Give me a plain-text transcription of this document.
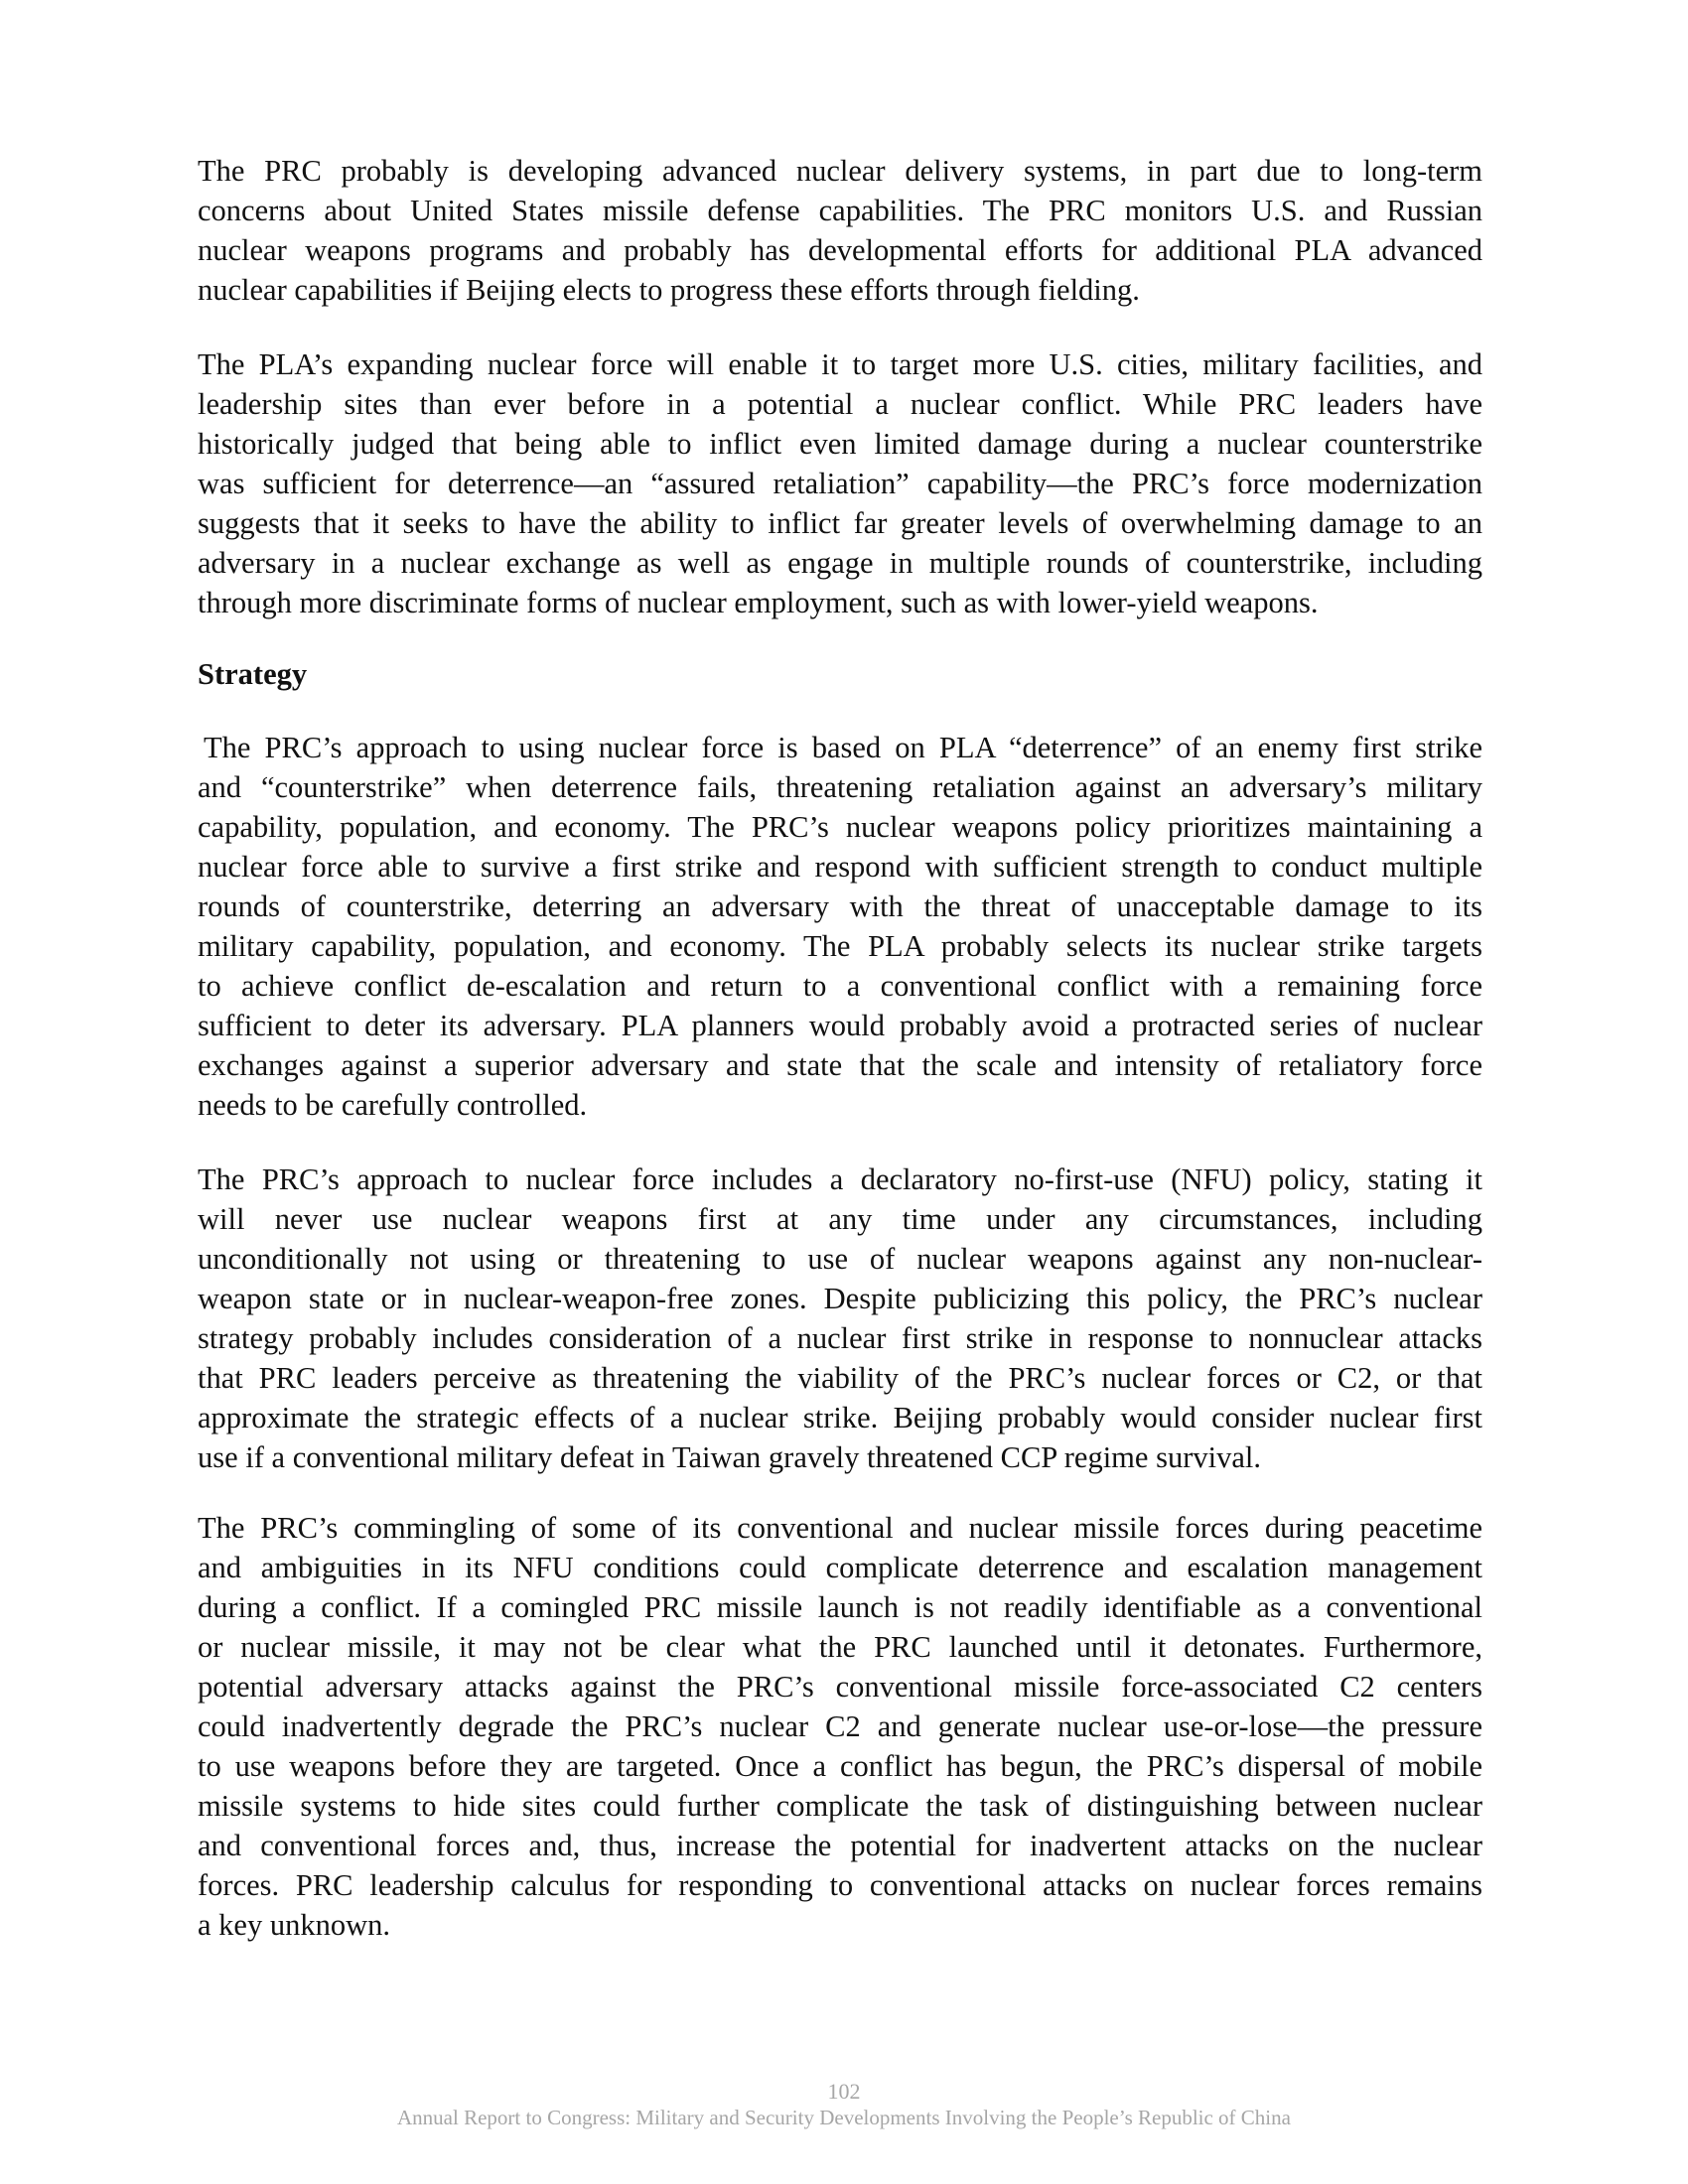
The PRC probably is developing advanced nuclear delivery systems, in part due to long-term
concerns about United States missile defense capabilities. The PRC monitors U.S. and Russian
nuclear weapons programs and probably has developmental efforts for additional PLA advanced
nuclear capabilities if Beijing elects to progress these efforts through fielding.
The PLA’s expanding nuclear force will enable it to target more U.S. cities, military facilities, and
leadership sites than ever before in a potential a nuclear conflict. While PRC leaders have
historically judged that being able to inflict even limited damage during a nuclear counterstrike
was sufficient for deterrence—an “assured retaliation” capability—the PRC’s force modernization
suggests that it seeks to have the ability to inflict far greater levels of overwhelming damage to an
adversary in a nuclear exchange as well as engage in multiple rounds of counterstrike, including
through more discriminate forms of nuclear employment, such as with lower-yield weapons.
Strategy
The PRC’s approach to using nuclear force is based on PLA “deterrence” of an enemy first strike
and “counterstrike” when deterrence fails, threatening retaliation against an adversary’s military
capability, population, and economy. The PRC’s nuclear weapons policy prioritizes maintaining a
nuclear force able to survive a first strike and respond with sufficient strength to conduct multiple
rounds of counterstrike, deterring an adversary with the threat of unacceptable damage to its
military capability, population, and economy. The PLA probably selects its nuclear strike targets
to achieve conflict de-escalation and return to a conventional conflict with a remaining force
sufficient to deter its adversary. PLA planners would probably avoid a protracted series of nuclear
exchanges against a superior adversary and state that the scale and intensity of retaliatory force
needs to be carefully controlled.
The PRC’s approach to nuclear force includes a declaratory no-first-use (NFU) policy, stating it
will never use nuclear weapons first at any time under any circumstances, including
unconditionally not using or threatening to use of nuclear weapons against any non-nuclear-
weapon state or in nuclear-weapon-free zones. Despite publicizing this policy, the PRC’s nuclear
strategy probably includes consideration of a nuclear first strike in response to nonnuclear attacks
that PRC leaders perceive as threatening the viability of the PRC’s nuclear forces or C2, or that
approximate the strategic effects of a nuclear strike. Beijing probably would consider nuclear first
use if a conventional military defeat in Taiwan gravely threatened CCP regime survival.
The PRC’s commingling of some of its conventional and nuclear missile forces during peacetime
and ambiguities in its NFU conditions could complicate deterrence and escalation management
during a conflict. If a comingled PRC missile launch is not readily identifiable as a conventional
or nuclear missile, it may not be clear what the PRC launched until it detonates. Furthermore,
potential adversary attacks against the PRC’s conventional missile force-associated C2 centers
could inadvertently degrade the PRC’s nuclear C2 and generate nuclear use-or-lose—the pressure
to use weapons before they are targeted. Once a conflict has begun, the PRC’s dispersal of mobile
missile systems to hide sites could further complicate the task of distinguishing between nuclear
and conventional forces and, thus, increase the potential for inadvertent attacks on the nuclear
forces. PRC leadership calculus for responding to conventional attacks on nuclear forces remains
a key unknown.
102
Annual Report to Congress: Military and Security Developments Involving the People’s Republic of China
